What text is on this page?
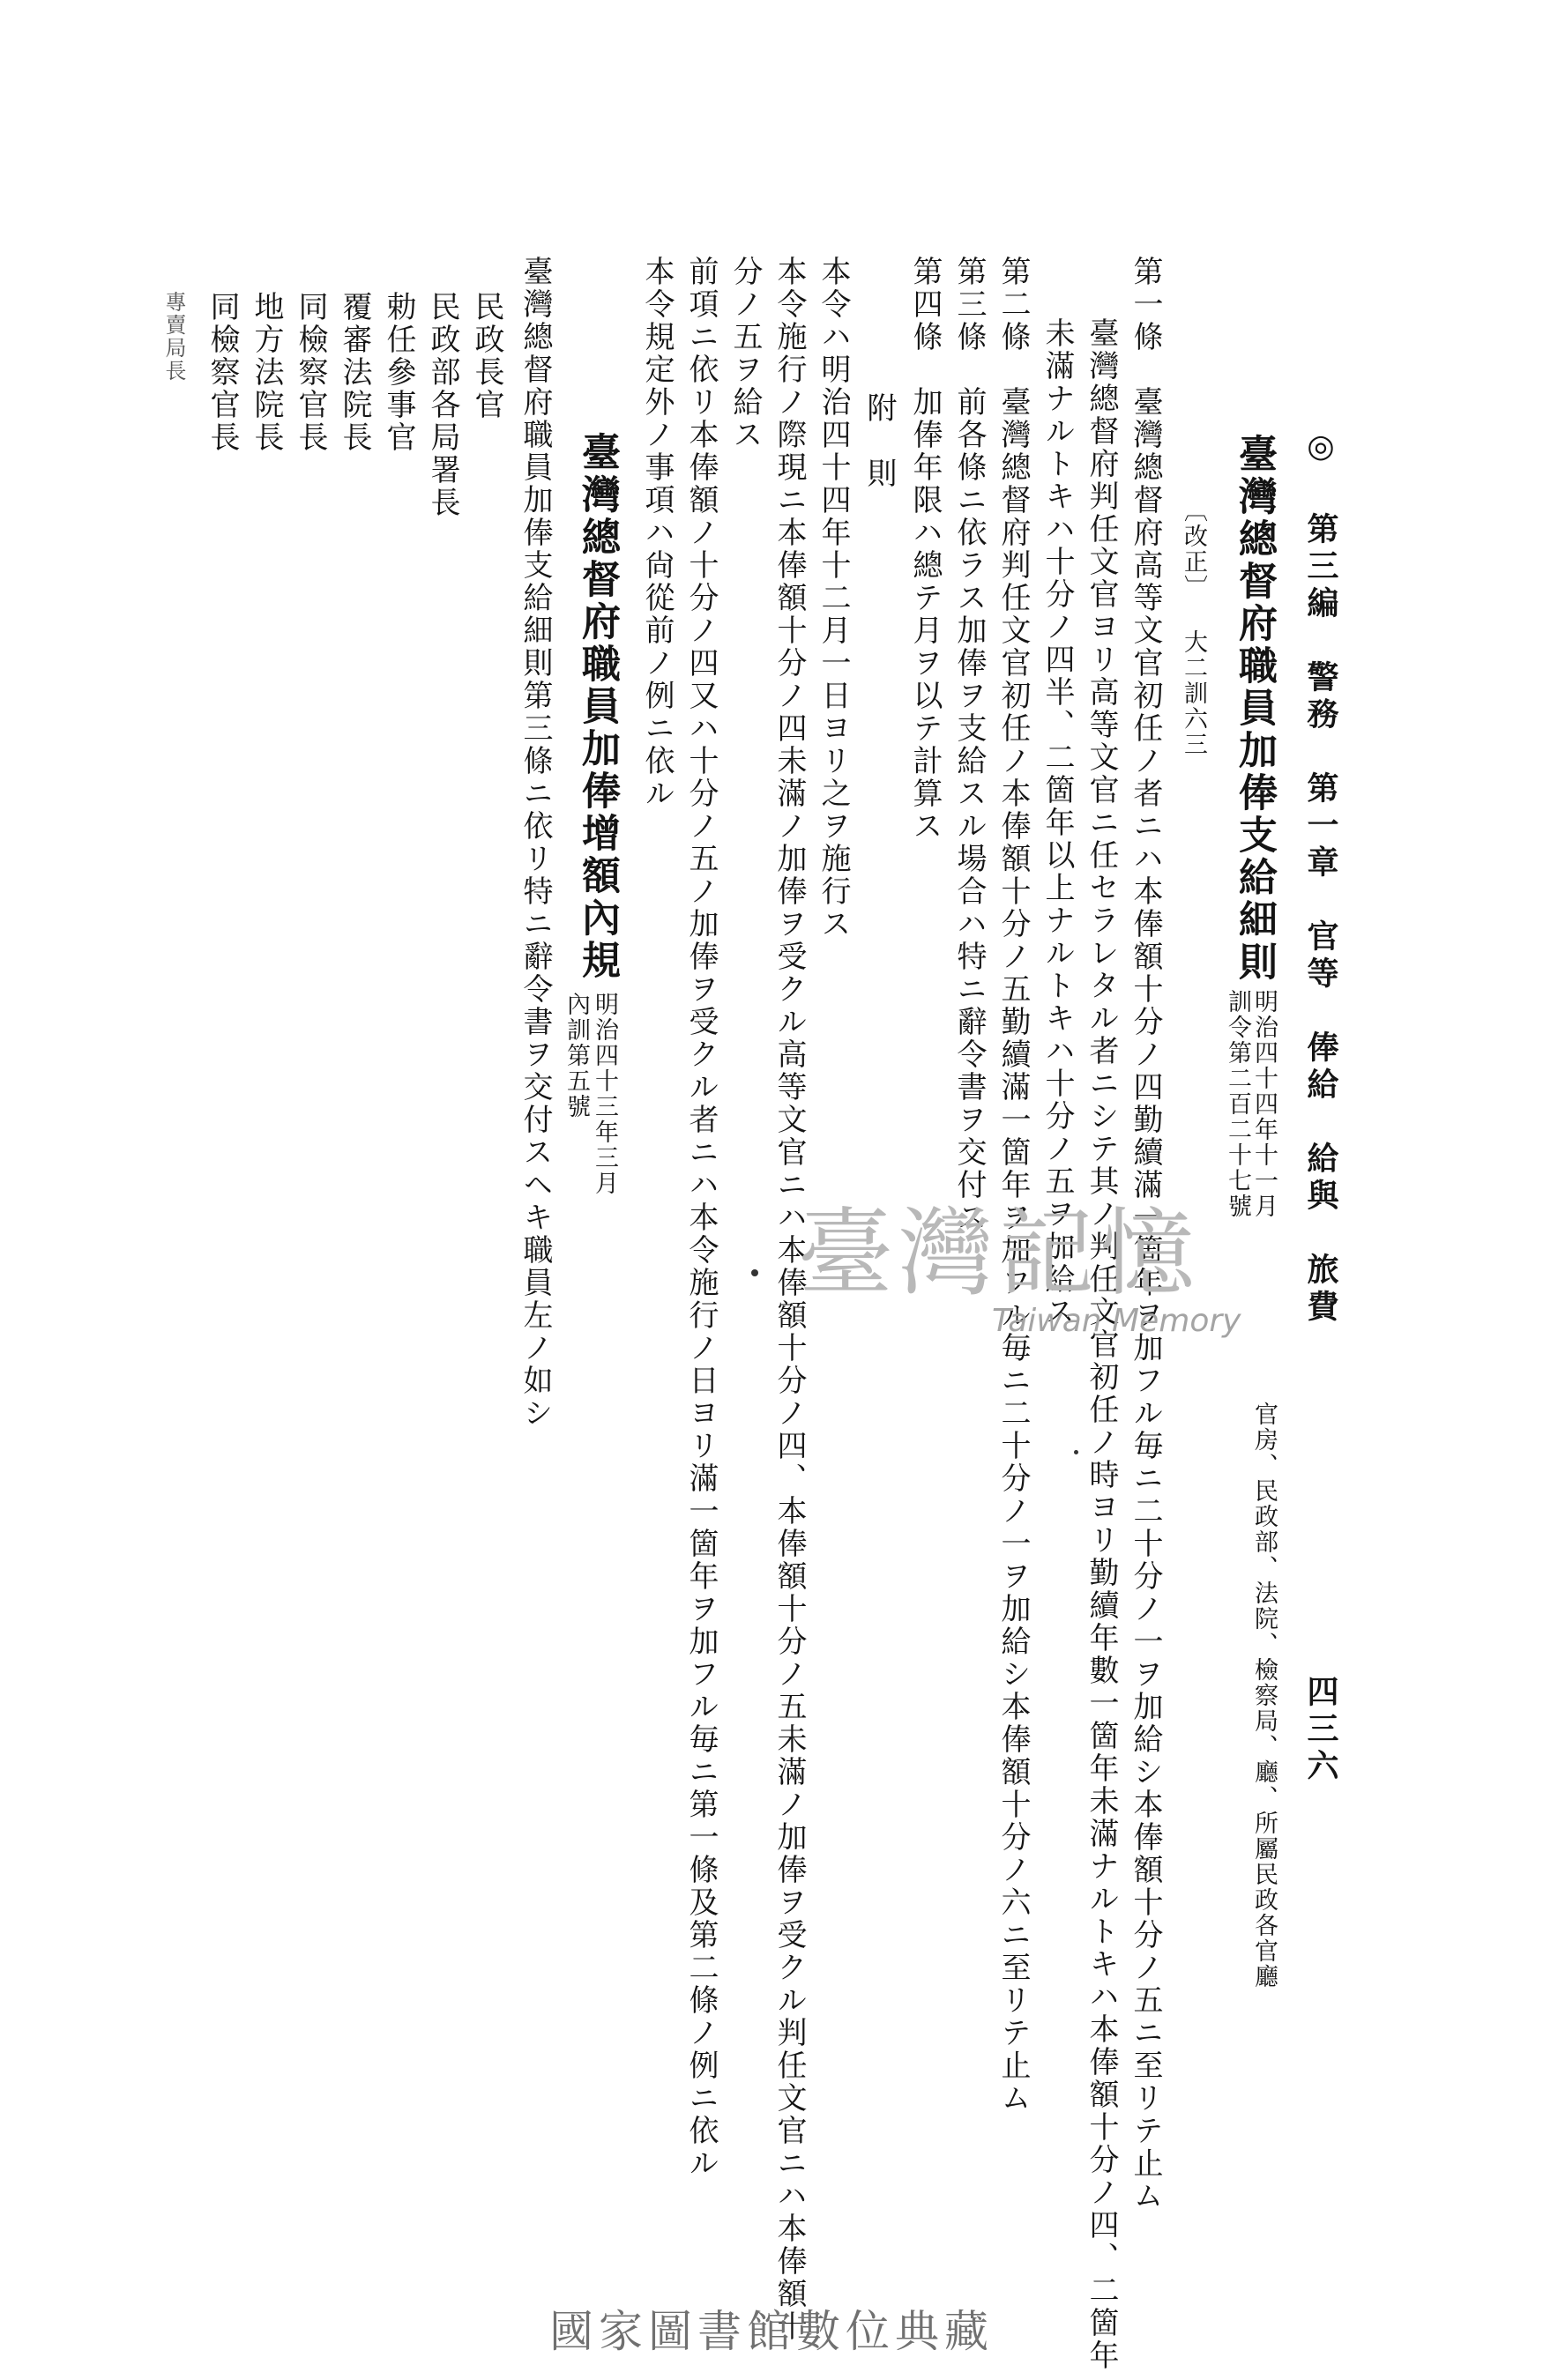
◎ 第三編　警務　第一章　官等　俸給　給與　旅費
四三六
官房、民政部、法院、檢察局、廳、所屬民政各官廳
臺灣總督府職員加俸支給細則
明治四十四年十一月
訓令第二百二十七號
〔改正〕 大二訓六三
第一條　臺灣總督府高等文官初任ノ者ニハ本俸額十分ノ四勤續滿一箇年ヲ加フル毎ニ二十分ノ一ヲ加給シ本俸額十分ノ五ニ至リテ止ム
臺灣總督府判任文官ヨリ高等文官ニ任セラレタル者ニシテ其ノ判任文官初任ノ時ヨリ勤續年數一箇年未滿ナルトキハ本俸額十分ノ四、二箇年
未滿ナルトキハ十分ノ四半、二箇年以上ナルトキハ十分ノ五ヲ加給ス
第二條　臺灣總督府判任文官初任ノ本俸額十分ノ五勤續滿一箇年ヲ加フル毎ニ二十分ノ一ヲ加給シ本俸額十分ノ六ニ至リテ止ム
第三條　前各條ニ依ラス加俸ヲ支給スル場合ハ特ニ辭令書ヲ交付ス
第四條　加俸年限ハ總テ月ヲ以テ計算ス
附　則
本令ハ明治四十四年十二月一日ヨリ之ヲ施行ス
本令施行ノ際現ニ本俸額十分ノ四未滿ノ加俸ヲ受クル高等文官ニハ本俸額十分ノ四、本俸額十分ノ五未滿ノ加俸ヲ受クル判任文官ニハ本俸額十
分ノ五ヲ給ス
前項ニ依リ本俸額ノ十分ノ四又ハ十分ノ五ノ加俸ヲ受クル者ニハ本令施行ノ日ヨリ滿一箇年ヲ加フル毎ニ第一條及第二條ノ例ニ依ル
本令規定外ノ事項ハ尙從前ノ例ニ依ル
臺灣總督府職員加俸增額內規
明治四十三年三月
內訓第五號
臺灣總督府職員加俸支給細則第三條ニ依リ特ニ辭令書ヲ交付スヘキ職員左ノ如シ
民政長官
民政部各局署長
勅任參事官
覆審法院長
同檢察官長
地方法院長
同檢察官長
專賣局長
臺灣記憶
Taiwan Memory
國家圖書館數位典藏
